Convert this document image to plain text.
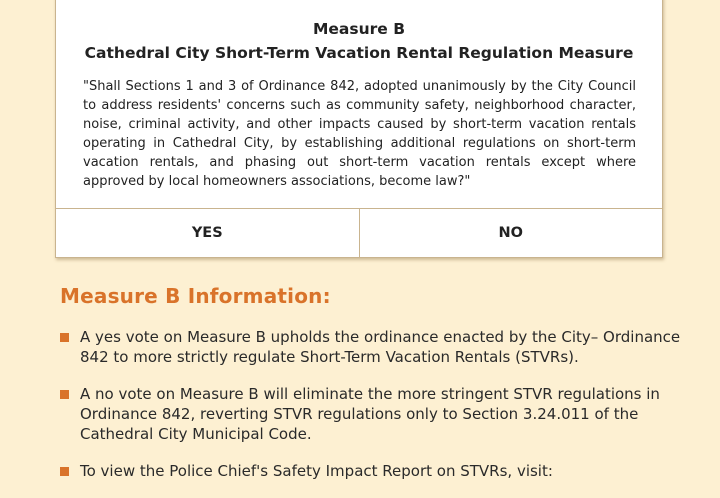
Measure B
Cathedral City Short-Term Vacation Rental Regulation Measure
"Shall Sections 1 and 3 of Ordinance 842, adopted unanimously by the City Council to address residents' concerns such as community safety, neighborhood character, noise, criminal activity, and other impacts caused by short-term vacation rentals operating in Cathedral City, by establishing additional regulations on short-term vacation rentals, and phasing out short-term vacation rentals except where approved by local homeowners associations, become law?"
YES	NO
Measure B Information:
A yes vote on Measure B upholds the ordinance enacted by the City– Ordinance 842 to more strictly regulate Short-Term Vacation Rentals (STVRs).
A no vote on Measure B will eliminate the more stringent STVR regulations in Ordinance 842, reverting STVR regulations only to Section 3.24.011 of the Cathedral City Municipal Code.
To view the Police Chief's Safety Impact Report on STVRs, visit:
